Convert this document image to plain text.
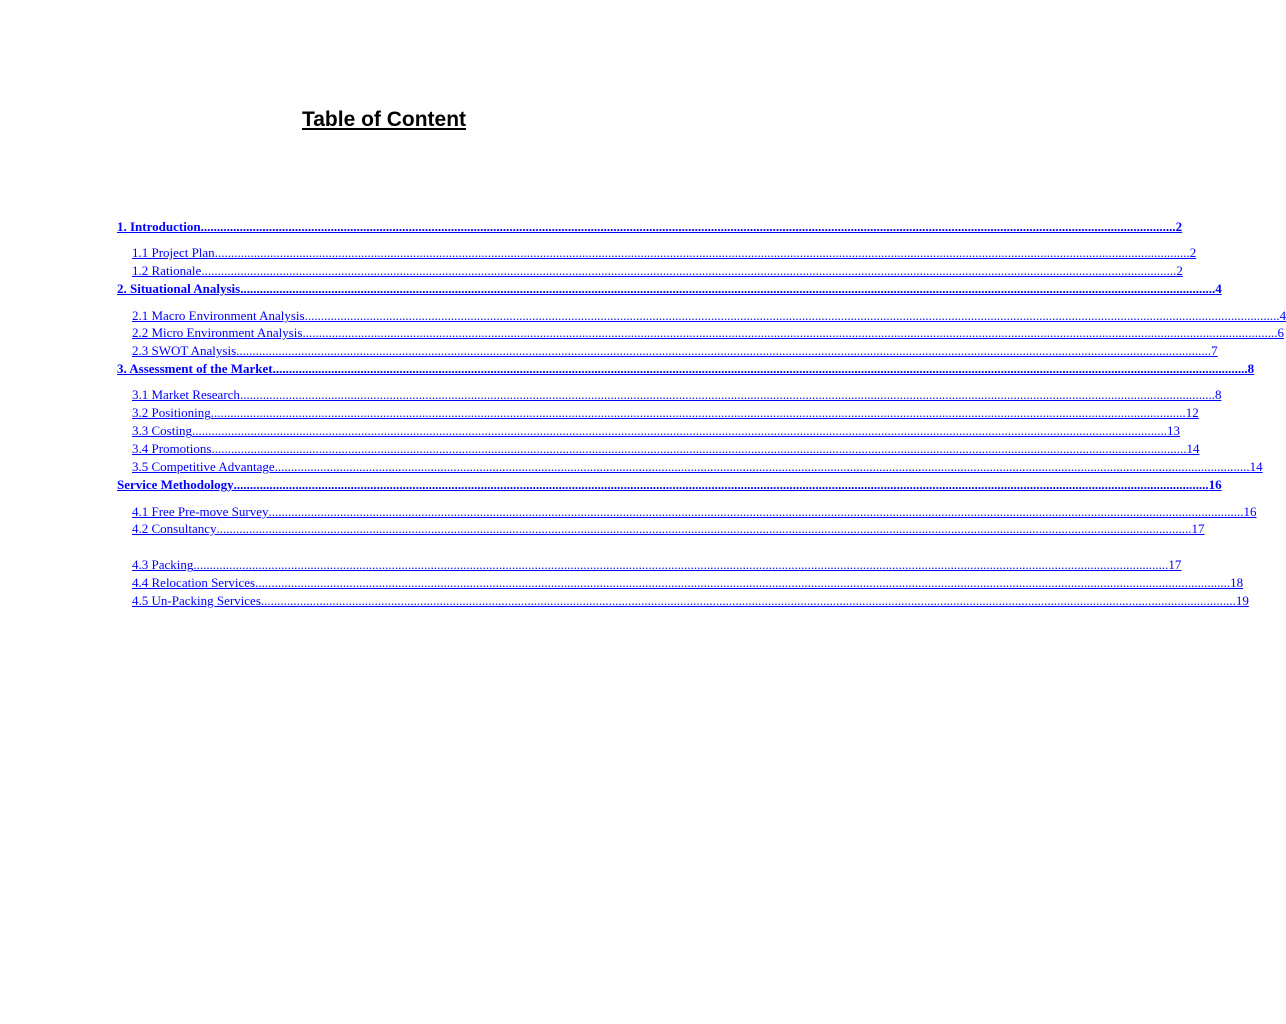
Table of Content
1. Introduction ............................................................................................................................................................................................................................................................................................................ 2
1.1 Project Plan ............................................................................................................................................................................................................................................................................................................ 2
1.2 Rationale ............................................................................................................................................................................................................................................................................................................ 2
2. Situational Analysis ............................................................................................................................................................................................................................................................................................................ 4
2.1 Macro Environment Analysis ............................................................................................................................................................................................................................................................................................................ 4
2.2 Micro Environment Analysis ............................................................................................................................................................................................................................................................................................................ 6
2.3 SWOT Analysis ............................................................................................................................................................................................................................................................................................................ 7
3. Assessment of the Market ............................................................................................................................................................................................................................................................................................................ 8
3.1 Market Research ............................................................................................................................................................................................................................................................................................................ 8
3.2 Positioning ............................................................................................................................................................................................................................................................................................................ 12
3.3 Costing ............................................................................................................................................................................................................................................................................................................ 13
3.4 Promotions ............................................................................................................................................................................................................................................................................................................ 14
3.5 Competitive Advantage ............................................................................................................................................................................................................................................................................................................ 14
Service Methodology ............................................................................................................................................................................................................................................................................................................ 16
4.1 Free Pre-move Survey ............................................................................................................................................................................................................................................................................................................ 16
4.2 Consultancy ............................................................................................................................................................................................................................................................................................................ 17
4.3 Packing ............................................................................................................................................................................................................................................................................................................ 17
4.4 Relocation Services ............................................................................................................................................................................................................................................................................................................ 18
4.5 Un-Packing Services ............................................................................................................................................................................................................................................................................................................ 19
